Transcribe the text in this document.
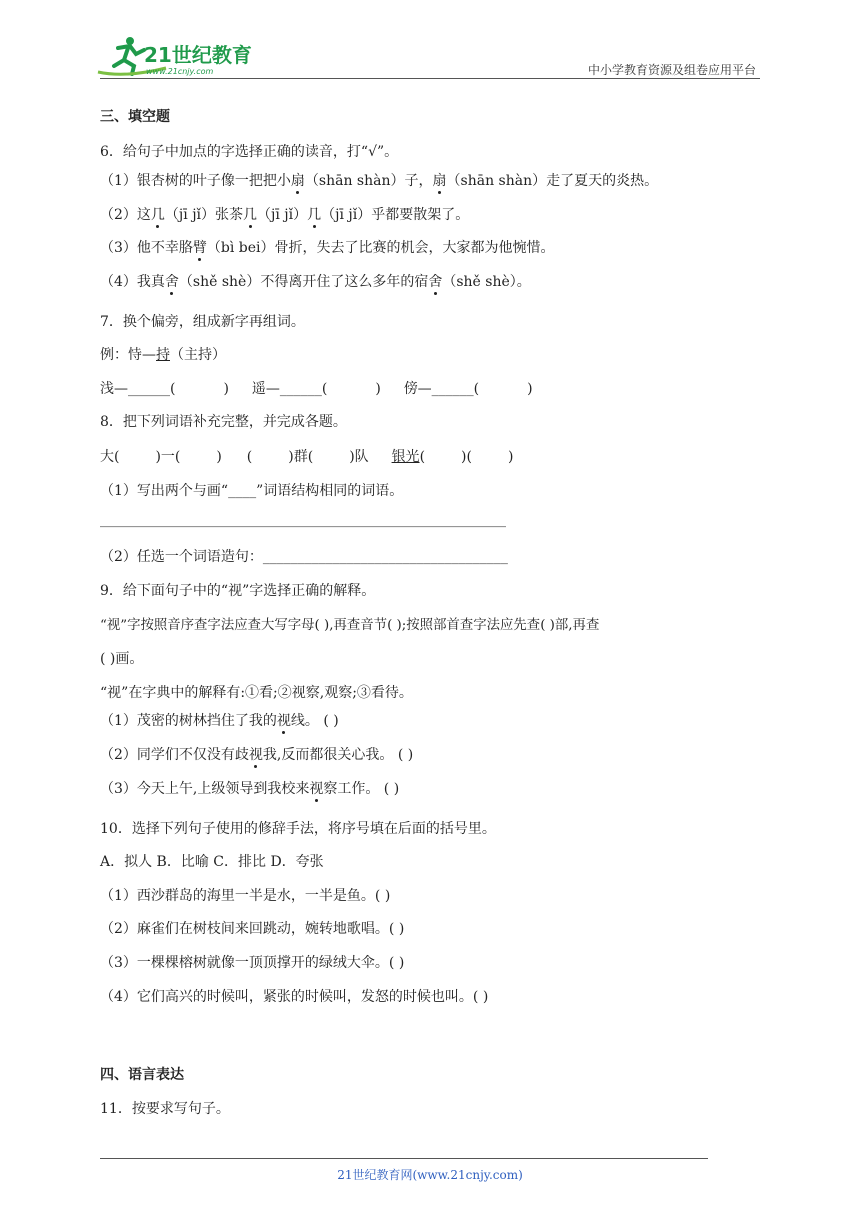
21世纪教育
www.21cnjy.com	中小学教育资源及组卷应用平台
三、填空题
6．给句子中加点的字选择正确的读音，打“√”。
（1）银杏树的叶子像一把把小扇（shān shàn）子，扇（shān shàn）走了夏天的炎热。
（2）这几（jī jǐ）张茶几（jī jǐ）几（jī jǐ）乎都要散架了。
（3）他不幸胳臂（bì bei）骨折，失去了比赛的机会，大家都为他惋惜。
（4）我真舍（shě shè）不得离开住了这么多年的宿舍（shě shè）。
7．换个偏旁，组成新字再组词。
例：恃—持（主持）
浅—______(	) 遥—______(	) 傍—______(	)
8．把下列词语补充完整，并完成各题。
大(	)一(	) (	)群(	)队 银光(	)(	)
（1）写出两个与画“____”词语结构相同的词语。
__________________________________________________________
（2）任选一个词语造句：___________________________________
9．给下面句子中的“视”字选择正确的解释。
“视”字按照音序查字法应查大写字母( ),再查音节( );按照部首查字法应先查( )部,再查
( )画。
“视”在字典中的解释有:①看;②视察,观察;③看待。
（1）茂密的树林挡住了我的视线。 ( )
（2）同学们不仅没有歧视我,反而都很关心我。 ( )
（3）今天上午,上级领导到我校来视察工作。 ( )
10．选择下列句子使用的修辞手法，将序号填在后面的括号里。
A．拟人 B．比喻 C．排比 D．夸张
（1）西沙群岛的海里一半是水，一半是鱼。( )
（2）麻雀们在树枝间来回跳动，婉转地歌唱。( )
（3）一棵棵榕树就像一顶顶撑开的绿绒大伞。( )
（4）它们高兴的时候叫，紧张的时候叫，发怒的时候也叫。( )
四、语言表达
11．按要求写句子。
21世纪教育网(www.21cnjy.com)
